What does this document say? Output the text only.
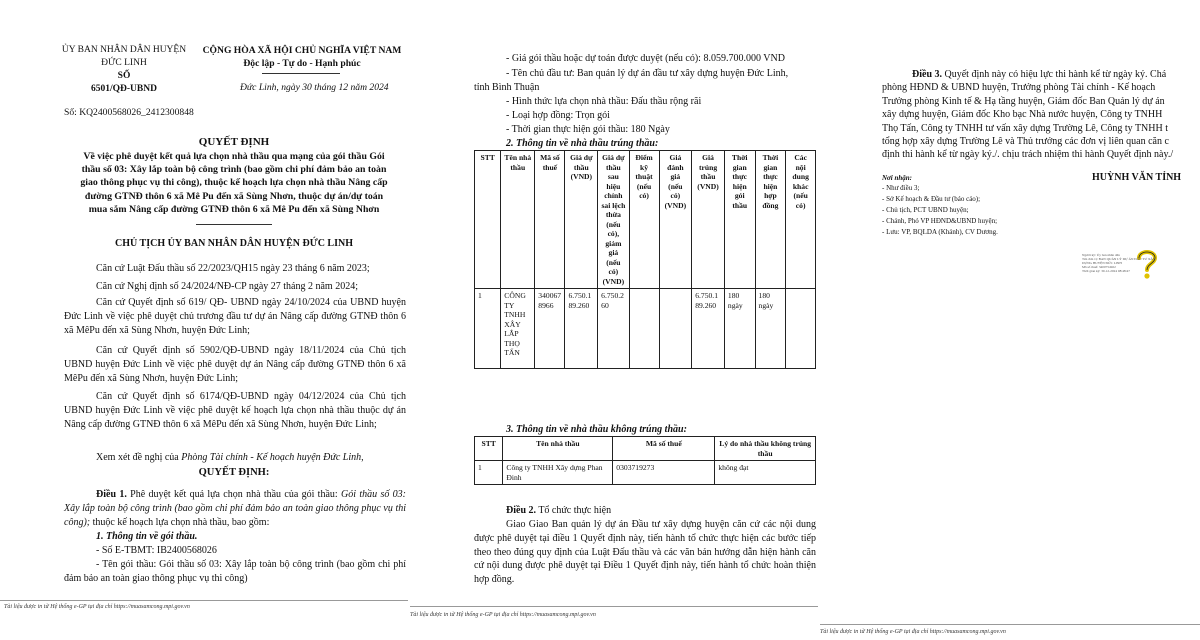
ỦY BAN NHÂN DÂN HUYỆN
ĐỨC LINH
SỐ
6501/QĐ-UBND
CỘNG HÒA XÃ HỘI CHỦ NGHĨA VIỆT NAM
Độc lập - Tự do - Hạnh phúc
Đức Linh, ngày 30 tháng 12 năm 2024
Số: KQ2400568026_2412300848
QUYẾT ĐỊNH
Về việc phê duyệt kết quả lựa chọn nhà thầu qua mạng của gói thầu Gói
thầu số 03: Xây lắp toàn bộ công trình (bao gồm chi phí đảm bảo an toàn
giao thông phục vụ thi công), thuộc kế hoạch lựa chọn nhà thầu Nâng cấp
đường GTNĐ thôn 6 xã Mê Pu đến xã Sùng Nhơn, thuộc dự án/dự toán
mua sắm Nâng cấp đường GTNĐ thôn 6 xã Mê Pu đến xã Sùng Nhơn
CHỦ TỊCH ỦY BAN NHÂN DÂN HUYỆN ĐỨC LINH
Căn cứ Luật Đấu thầu số 22/2023/QH15 ngày 23 tháng 6 năm 2023;
Căn cứ Nghị định số 24/2024/NĐ-CP ngày 27 tháng 2 năm 2024;
Căn cứ Quyết định số 619/ QĐ- UBND ngày 24/10/2024 của UBND huyện Đức Linh về việc phê duyệt chủ trương đầu tư dự án Nâng cấp đường GTNĐ thôn 6 xã MêPu đến xã Sùng Nhơn, huyện Đức Linh;
Căn cứ Quyết định số 5902/QĐ-UBND ngày 18/11/2024 của Chủ tịch UBND huyện Đức Linh về việc phê duyệt dự án Nâng cấp đường GTNĐ thôn 6 xã MêPu đến xã Sùng Nhơn, huyện Đức Linh;
Căn cứ Quyết định số 6174/QĐ-UBND ngày 04/12/2024 của Chủ tịch UBND huyện Đức Linh về việc phê duyệt kế hoạch lựa chọn nhà thầu thuộc dự án Nâng cấp đường GTNĐ thôn 6 xã MêPu đến xã Sùng Nhơn, huyện Đức Linh;
Xem xét đề nghị của Phòng Tài chính - Kế hoạch huyện Đức Linh,
QUYẾT ĐỊNH:
Điều 1. Phê duyệt kết quả lựa chọn nhà thầu của gói thầu: Gói thầu số 03: Xây lắp toàn bộ công trình (bao gồm chi phí đảm bảo an toàn giao thông phục vụ thi công); thuộc kế hoạch lựa chọn nhà thầu, bao gồm:
1. Thông tin về gói thầu.
- Số E-TBMT: IB2400568026
- Tên gói thầu: Gói thầu số 03: Xây lắp toàn bộ công trình (bao gồm chi phí đảm bảo an toàn giao thông phục vụ thi công)
Tài liệu được in từ Hệ thống e-GP tại địa chỉ https://muasamcong.mpi.gov.vn
- Giá gói thầu hoặc dự toán được duyệt (nếu có): 8.059.700.000 VND
- Tên chủ đầu tư: Ban quản lý dự án đầu tư xây dựng huyện Đức Linh,
tỉnh Bình Thuận
- Hình thức lựa chọn nhà thầu: Đấu thầu rộng rãi
- Loại hợp đồng: Trọn gói
- Thời gian thực hiện gói thầu: 180 Ngày
2. Thông tin về nhà thầu trúng thầu:
STT	Tên nhà thầu	Mã số thuế	Giá dự thầu (VND)	Giá dự thầu sau hiệu chỉnh sai lệch thừa (nếu có), giảm giá (nếu có) (VND)	Điểm kỹ thuật (nếu có)	Giá đánh giá (nếu có) (VND)	Giá trúng thầu (VND)	Thời gian thực hiện gói thầu	Thời gian thực hiện hợp đồng	Các nội dung khác (nếu có)
1	CÔNG TY TNHH XÂY LẮP THỌ TẤN	3400678966	6.750.189.260	6.750.260			6.750.189.260	180 ngày	180 ngày	
3. Thông tin về nhà thầu không trúng thầu:
STT	Tên nhà thầu	Mã số thuế	Lý do nhà thầu không trúng thầu
1	Công ty TNHH Xây dựng Phan Đinh	0303719273	không đạt
Điều 2. Tổ chức thực hiện
Giao Giao Ban quản lý dự án Đầu tư xây dựng huyện căn cứ các nội dung được phê duyệt tại điều 1 Quyết định này, tiến hành tổ chức thực hiện các bước tiếp theo theo đúng quy định của Luật Đấu thầu và các văn bản hướng dẫn hiện hành căn cứ nội dung được phê duyệt tại Điều 1 Quyết định này, tiến hành tổ chức hoàn thiện hợp đồng.
Tài liệu được in từ Hệ thống e-GP tại địa chỉ https://muasamcong.mpi.gov.vn
Điều 3. Quyết định này có hiệu lực thi hành kể từ ngày ký. Chá
phòng HĐND & UBND huyện, Trưởng phòng Tài chính - Kế hoạch
Trưởng phòng Kinh tế & Hạ tầng huyện, Giám đốc Ban Quản lý dự án
xây dựng huyện, Giám đốc Kho bạc Nhà nước huyện, Công ty TNHH
Thọ Tấn, Công ty TNHH tư vấn xây dựng Trường Lê, Công ty TNHH t
tổng hợp xây dựng Trường Lê và Thủ trưởng các đơn vị liên quan căn c
định thi hành kể từ ngày ký./. chịu trách nhiệm thi hành Quyết định này./
Nơi nhận:
- Như điều 3;
- Sở Kế hoạch & Đầu tư (báo cáo);
- Chủ tịch, PCT UBND huyện;
- Chánh, Phó VP HĐND&UBND huyện;
- Lưu: VP, BQLDA (Khánh), CV Dương.
HUỲNH VĂN TỈNH
Người ký: Ủy ban nhân dân
Tên đơn vị: BAN QUẢN LÝ DỰ ÁN ĐẦU TƯ XÂY
DỰNG HUYỆN ĐỨC LINH
Mã số thuế: 3400754922
Thời gian ký: 30-12-2024 08:48:47
Tài liệu được in từ Hệ thống e-GP tại địa chỉ https://muasamcong.mpi.gov.vn
